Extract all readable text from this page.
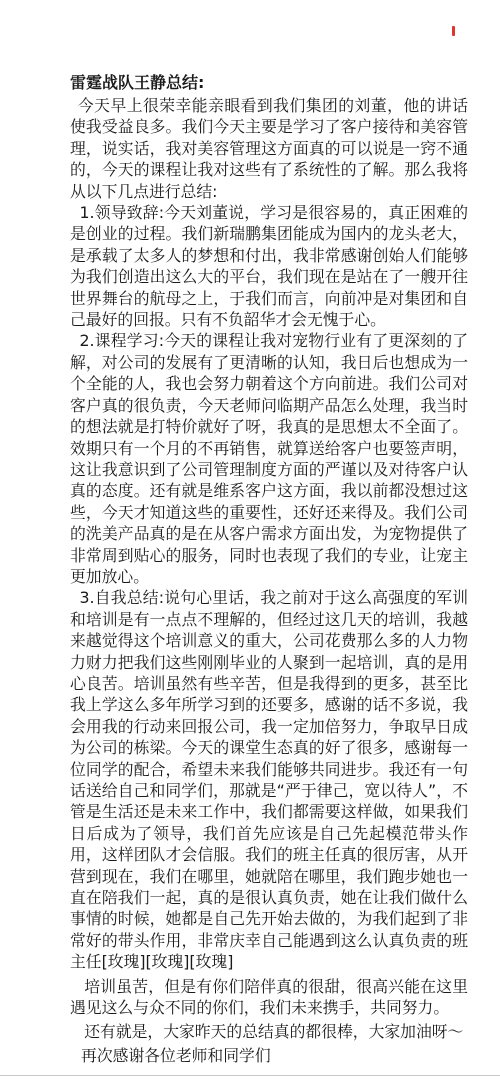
雷霆战队王静总结:

今天早上很荣幸能亲眼看到我们集团的刘董，他的讲话使我受益良多。我们今天主要是学习了客户接待和美容管理，说实话，我对美容管理这方面真的可以说是一窍不通的，今天的课程让我对这些有了系统性的了解。那么我将从以下几点进行总结:

1.领导致辞:今天刘董说，学习是很容易的，真正困难的是创业的过程。我们新瑞鹏集团能成为国内的龙头老大，是承载了太多人的梦想和付出，我非常感谢创始人们能够为我们创造出这么大的平台，我们现在是站在了一艘开往世界舞台的航母之上，于我们而言，向前冲是对集团和自己最好的回报。只有不负韶华才会无愧于心。

2.课程学习:今天的课程让我对宠物行业有了更深刻的了解，对公司的发展有了更清晰的认知，我日后也想成为一个全能的人，我也会努力朝着这个方向前进。我们公司对客户真的很负责，今天老师问临期产品怎么处理，我当时的想法就是打特价就好了呀，我真的是思想太不全面了。效期只有一个月的不再销售，就算送给客户也要签声明，这让我意识到了公司管理制度方面的严谨以及对待客户认真的态度。还有就是维系客户这方面，我以前都没想过这些，今天才知道这些的重要性，还好还来得及。我们公司的洗美产品真的是在从客户需求方面出发，为宠物提供了非常周到贴心的服务，同时也表现了我们的专业，让宠主更加放心。

3.自我总结:说句心里话，我之前对于这么高强度的军训和培训是有一点点不理解的，但经过这几天的培训，我越来越觉得这个培训意义的重大，公司花费那么多的人力物力财力把我们这些刚刚毕业的人聚到一起培训，真的是用心良苦。培训虽然有些辛苦，但是我得到的更多，甚至比我上学这么多年所学习到的还要多，感谢的话不多说，我会用我的行动来回报公司，我一定加倍努力，争取早日成为公司的栋梁。今天的课堂生态真的好了很多，感谢每一位同学的配合，希望未来我们能够共同进步。我还有一句话送给自己和同学们，那就是“严于律己，宽以待人”，不管是生活还是未来工作中，我们都需要这样做，如果我们日后成为了领导，我们首先应该是自己先起模范带头作用，这样团队才会信服。我们的班主任真的很厉害，从开营到现在，我们在哪里，她就陪在哪里，我们跑步她也一直在陪我们一起，真的是很认真负责，她在让我们做什么事情的时候，她都是自己先开始去做的，为我们起到了非常好的带头作用，非常庆幸自己能遇到这么认真负责的班主任[玫瑰][玫瑰][玫瑰]

培训虽苦，但是有你们陪伴真的很甜，很高兴能在这里遇见这么与众不同的你们，我们未来携手，共同努力。

还有就是，大家昨天的总结真的都很棒，大家加油呀～

再次感谢各位老师和同学们
